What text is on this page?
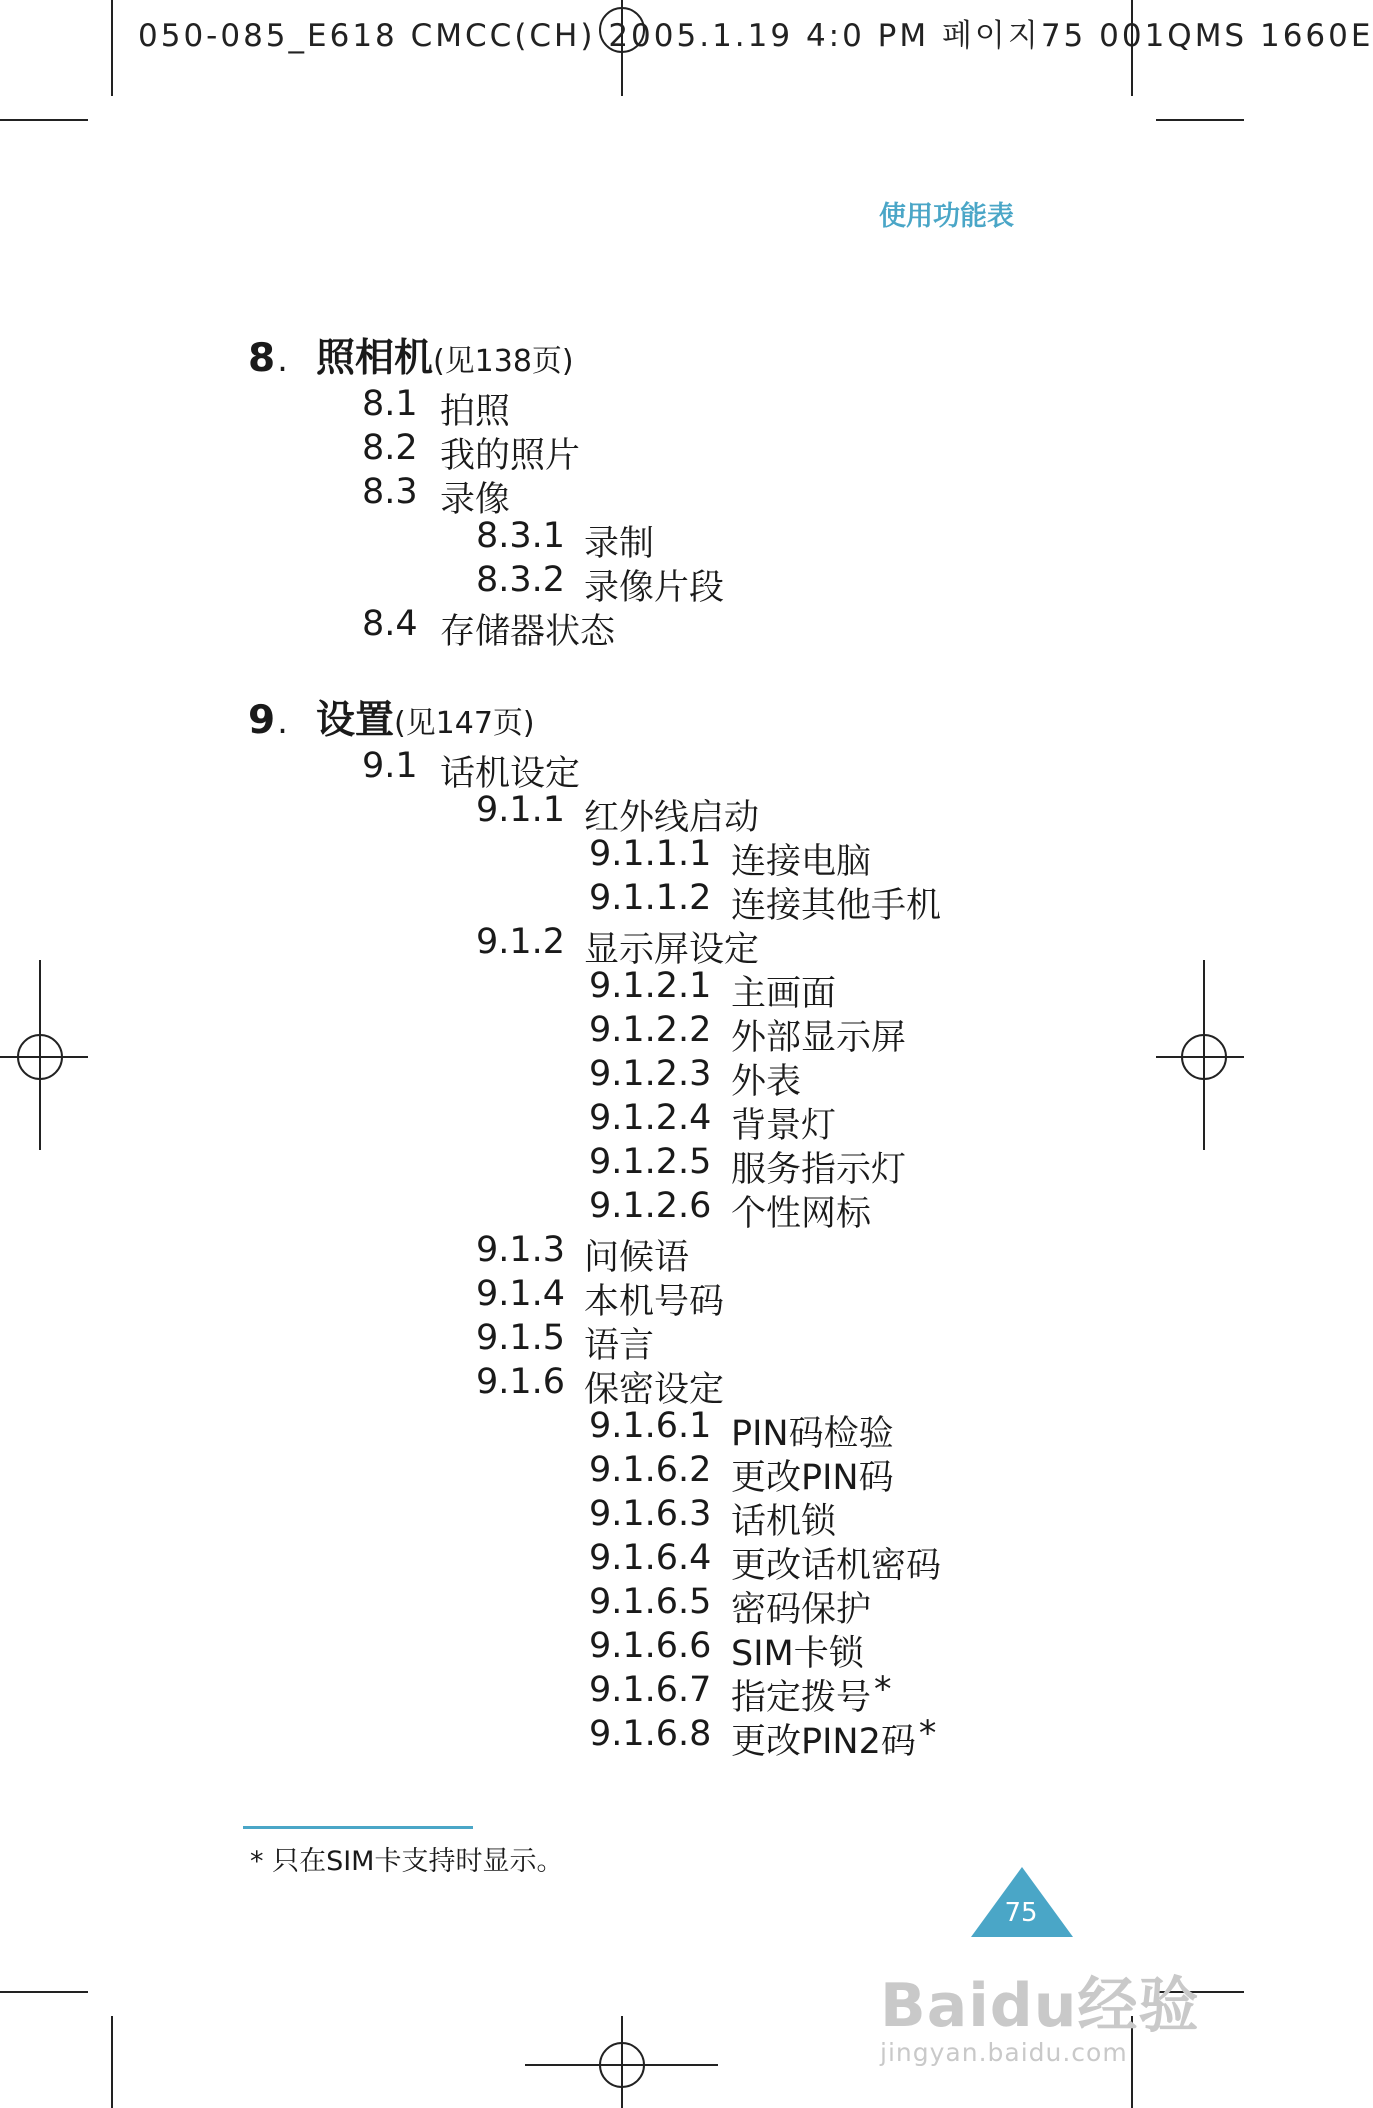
050-085_E618 CMCC(CH) 2005.1.19 4:0 PM 페이지75 001QMS 1660E
使用功能表
8. 照相机(见138页)
8.1 拍照
8.2 我的照片
8.3 录像
8.3.1 录制
8.3.2 录像片段
8.4 存储器状态
9. 设置(见147页)
9.1 话机设定
9.1.1 红外线启动
9.1.1.1 连接电脑
9.1.1.2 连接其他手机
9.1.2 显示屏设定
9.1.2.1 主画面
9.1.2.2 外部显示屏
9.1.2.3 外表
9.1.2.4 背景灯
9.1.2.5 服务指示灯
9.1.2.6 个性网标
9.1.3 问候语
9.1.4 本机号码
9.1.5 语言
9.1.6 保密设定
9.1.6.1 PIN码检验
9.1.6.2 更改PIN码
9.1.6.3 话机锁
9.1.6.4 更改话机密码
9.1.6.5 密码保护
9.1.6.6 SIM卡锁
9.1.6.7 指定拨号*
9.1.6.8 更改PIN2码*
* 只在SIM卡支持时显示。
75
Baidu经验
jingyan.baidu.com
